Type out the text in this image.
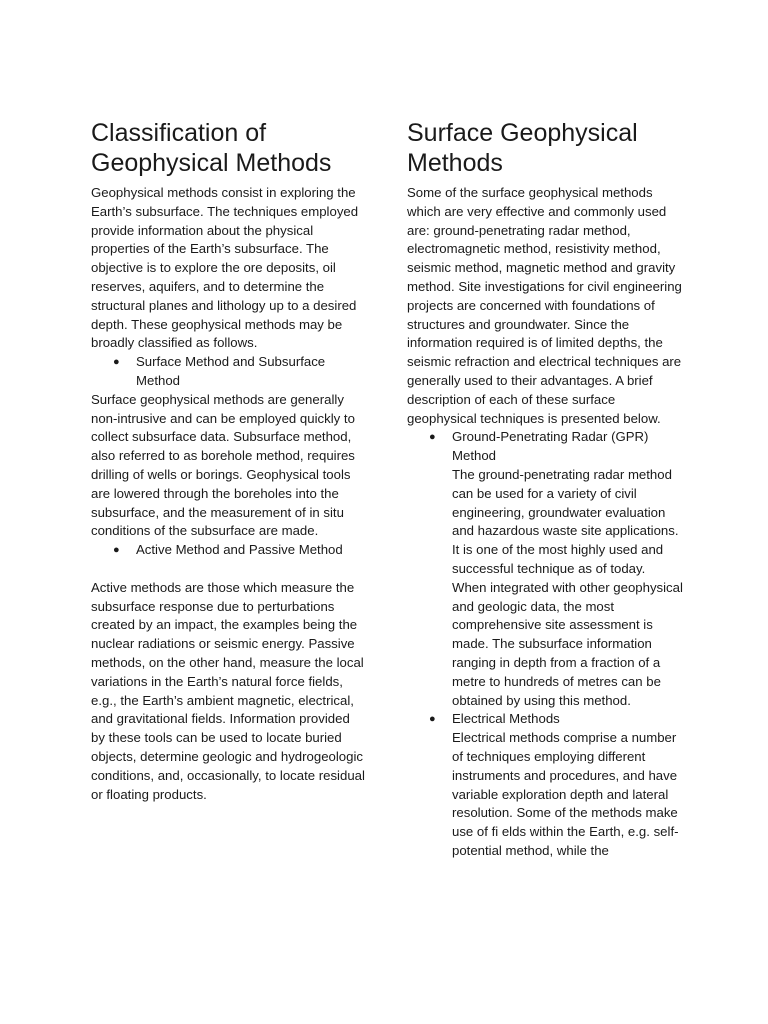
Classification of Geophysical Methods

Geophysical methods consist in exploring the Earth’s subsurface. The techniques employed provide information about the physical properties of the Earth’s subsurface. The objective is to explore the ore deposits, oil reserves, aquifers, and to determine the structural planes and lithology up to a desired depth. These geophysical methods may be broadly classified as follows.

● Surface Method and Subsurface Method

Surface geophysical methods are generally non-intrusive and can be employed quickly to collect subsurface data. Subsurface method, also referred to as borehole method, requires drilling of wells or borings. Geophysical tools are lowered through the boreholes into the subsurface, and the measurement of in situ conditions of the subsurface are made.

● Active Method and Passive Method

Active methods are those which measure the subsurface response due to perturbations created by an impact, the examples being the nuclear radiations or seismic energy. Passive methods, on the other hand, measure the local variations in the Earth’s natural force fields, e.g., the Earth’s ambient magnetic, electrical, and gravitational fields. Information provided by these tools can be used to locate buried objects, determine geologic and hydrogeologic conditions, and, occasionally, to locate residual or floating products.

Surface Geophysical Methods

Some of the surface geophysical methods which are very effective and commonly used are: ground-penetrating radar method, electromagnetic method, resistivity method, seismic method, magnetic method and gravity method. Site investigations for civil engineering projects are concerned with foundations of structures and groundwater. Since the information required is of limited depths, the seismic refraction and electrical techniques are generally used to their advantages. A brief description of each of these surface geophysical techniques is presented below.

● Ground-Penetrating Radar (GPR) Method
The ground-penetrating radar method can be used for a variety of civil engineering, groundwater evaluation and hazardous waste site applications. It is one of the most highly used and successful technique as of today. When integrated with other geophysical and geologic data, the most comprehensive site assessment is made. The subsurface information ranging in depth from a fraction of a metre to hundreds of metres can be obtained by using this method.
● Electrical Methods
Electrical methods comprise a number of techniques employing different instruments and procedures, and have variable exploration depth and lateral resolution. Some of the methods make use of fi elds within the Earth, e.g. self-potential method, while the
